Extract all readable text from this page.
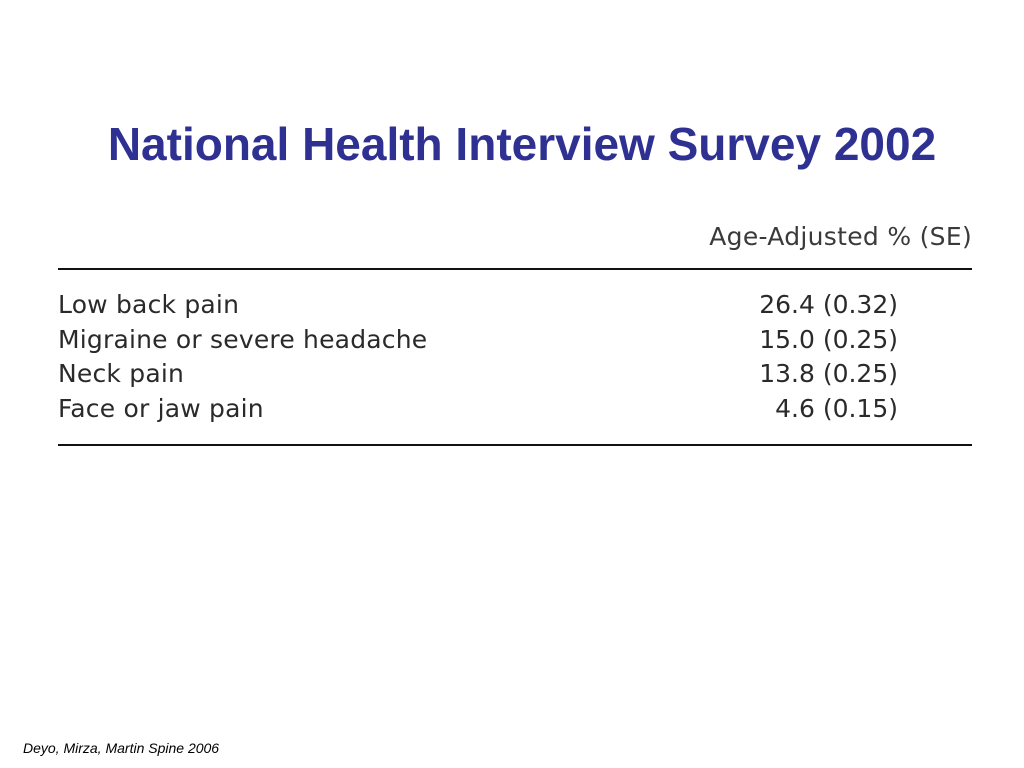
National Health Interview Survey 2002
Age-Adjusted % (SE)
Low back pain	26.4 (0.32)
Migraine or severe headache	15.0 (0.25)
Neck pain	13.8 (0.25)
Face or jaw pain	4.6 (0.15)
Deyo, Mirza, Martin Spine 2006
